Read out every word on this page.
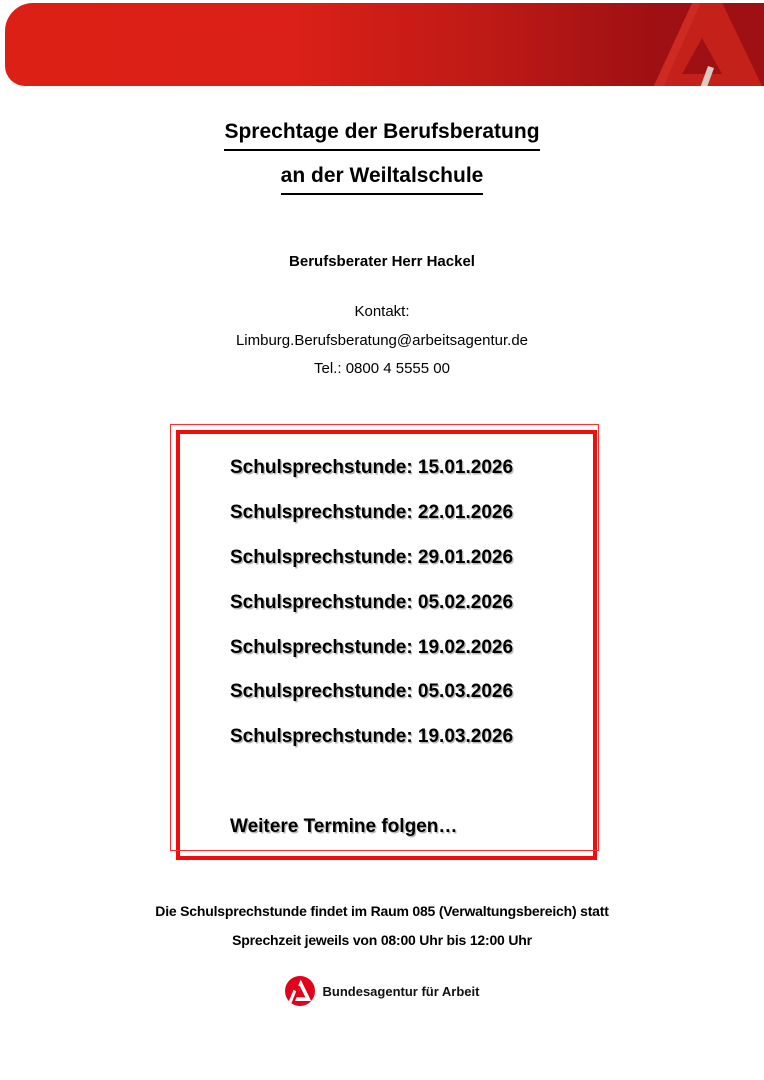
Sprechtage der Berufsberatung
an der Weiltalschule
Berufsberater Herr Hackel
Kontakt:
Limburg.Berufsberatung@arbeitsagentur.de
Tel.: 0800 4 5555 00
Schulsprechstunde: 15.01.2026
Schulsprechstunde: 22.01.2026
Schulsprechstunde: 29.01.2026
Schulsprechstunde: 05.02.2026
Schulsprechstunde: 19.02.2026
Schulsprechstunde: 05.03.2026
Schulsprechstunde: 19.03.2026
Weitere Termine folgen…
Die Schulsprechstunde findet im Raum 085 (Verwaltungsbereich) statt
Sprechzeit jeweils von 08:00 Uhr bis 12:00 Uhr
Bundesagentur für Arbeit
